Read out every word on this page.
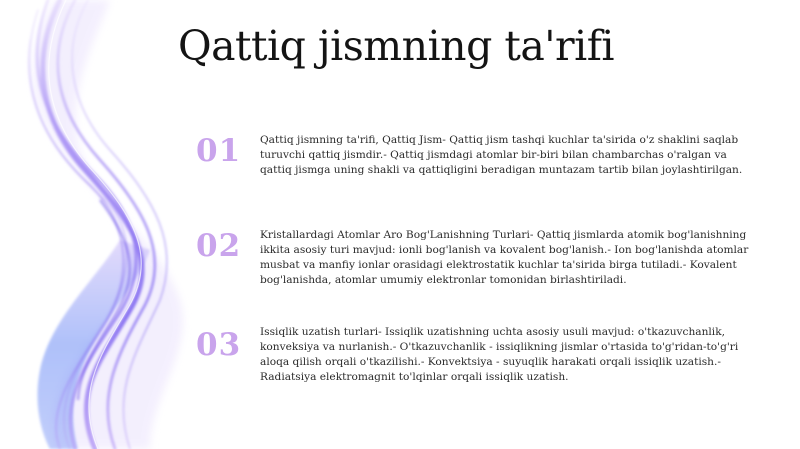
Qattiq jismning ta'rifi
01	Qattiq jismning ta'rifi, Qattiq Jism- Qattiq jism tashqi kuchlar ta'sirida o'z shaklini saqlab turuvchi qattiq jismdir.- Qattiq jismdagi atomlar bir-biri bilan chambarchas o'ralgan va qattiq jismga uning shakli va qattiqligini beradigan muntazam tartib bilan joylashtirilgan.

02	Kristallardagi Atomlar Aro Bog'Lanishning Turlari- Qattiq jismlarda atomik bog'lanishning ikkita asosiy turi mavjud: ionli bog'lanish va kovalent bog'lanish.- Ion bog'lanishda atomlar musbat va manfiy ionlar orasidagi elektrostatik kuchlar ta'sirida birga tutiladi.- Kovalent bog'lanishda, atomlar umumiy elektronlar tomonidan birlashtiriladi.

03	Issiqlik uzatish turlari- Issiqlik uzatishning uchta asosiy usuli mavjud: o'tkazuvchanlik, konveksiya va nurlanish.- O'tkazuvchanlik - issiqlikning jismlar o'rtasida to'g'ridan-to'g'ri aloqa qilish orqali o'tkazilishi.- Konvektsiya - suyuqlik harakati orqali issiqlik uzatish.- Radiatsiya elektromagnit to'lqinlar orqali issiqlik uzatish.
